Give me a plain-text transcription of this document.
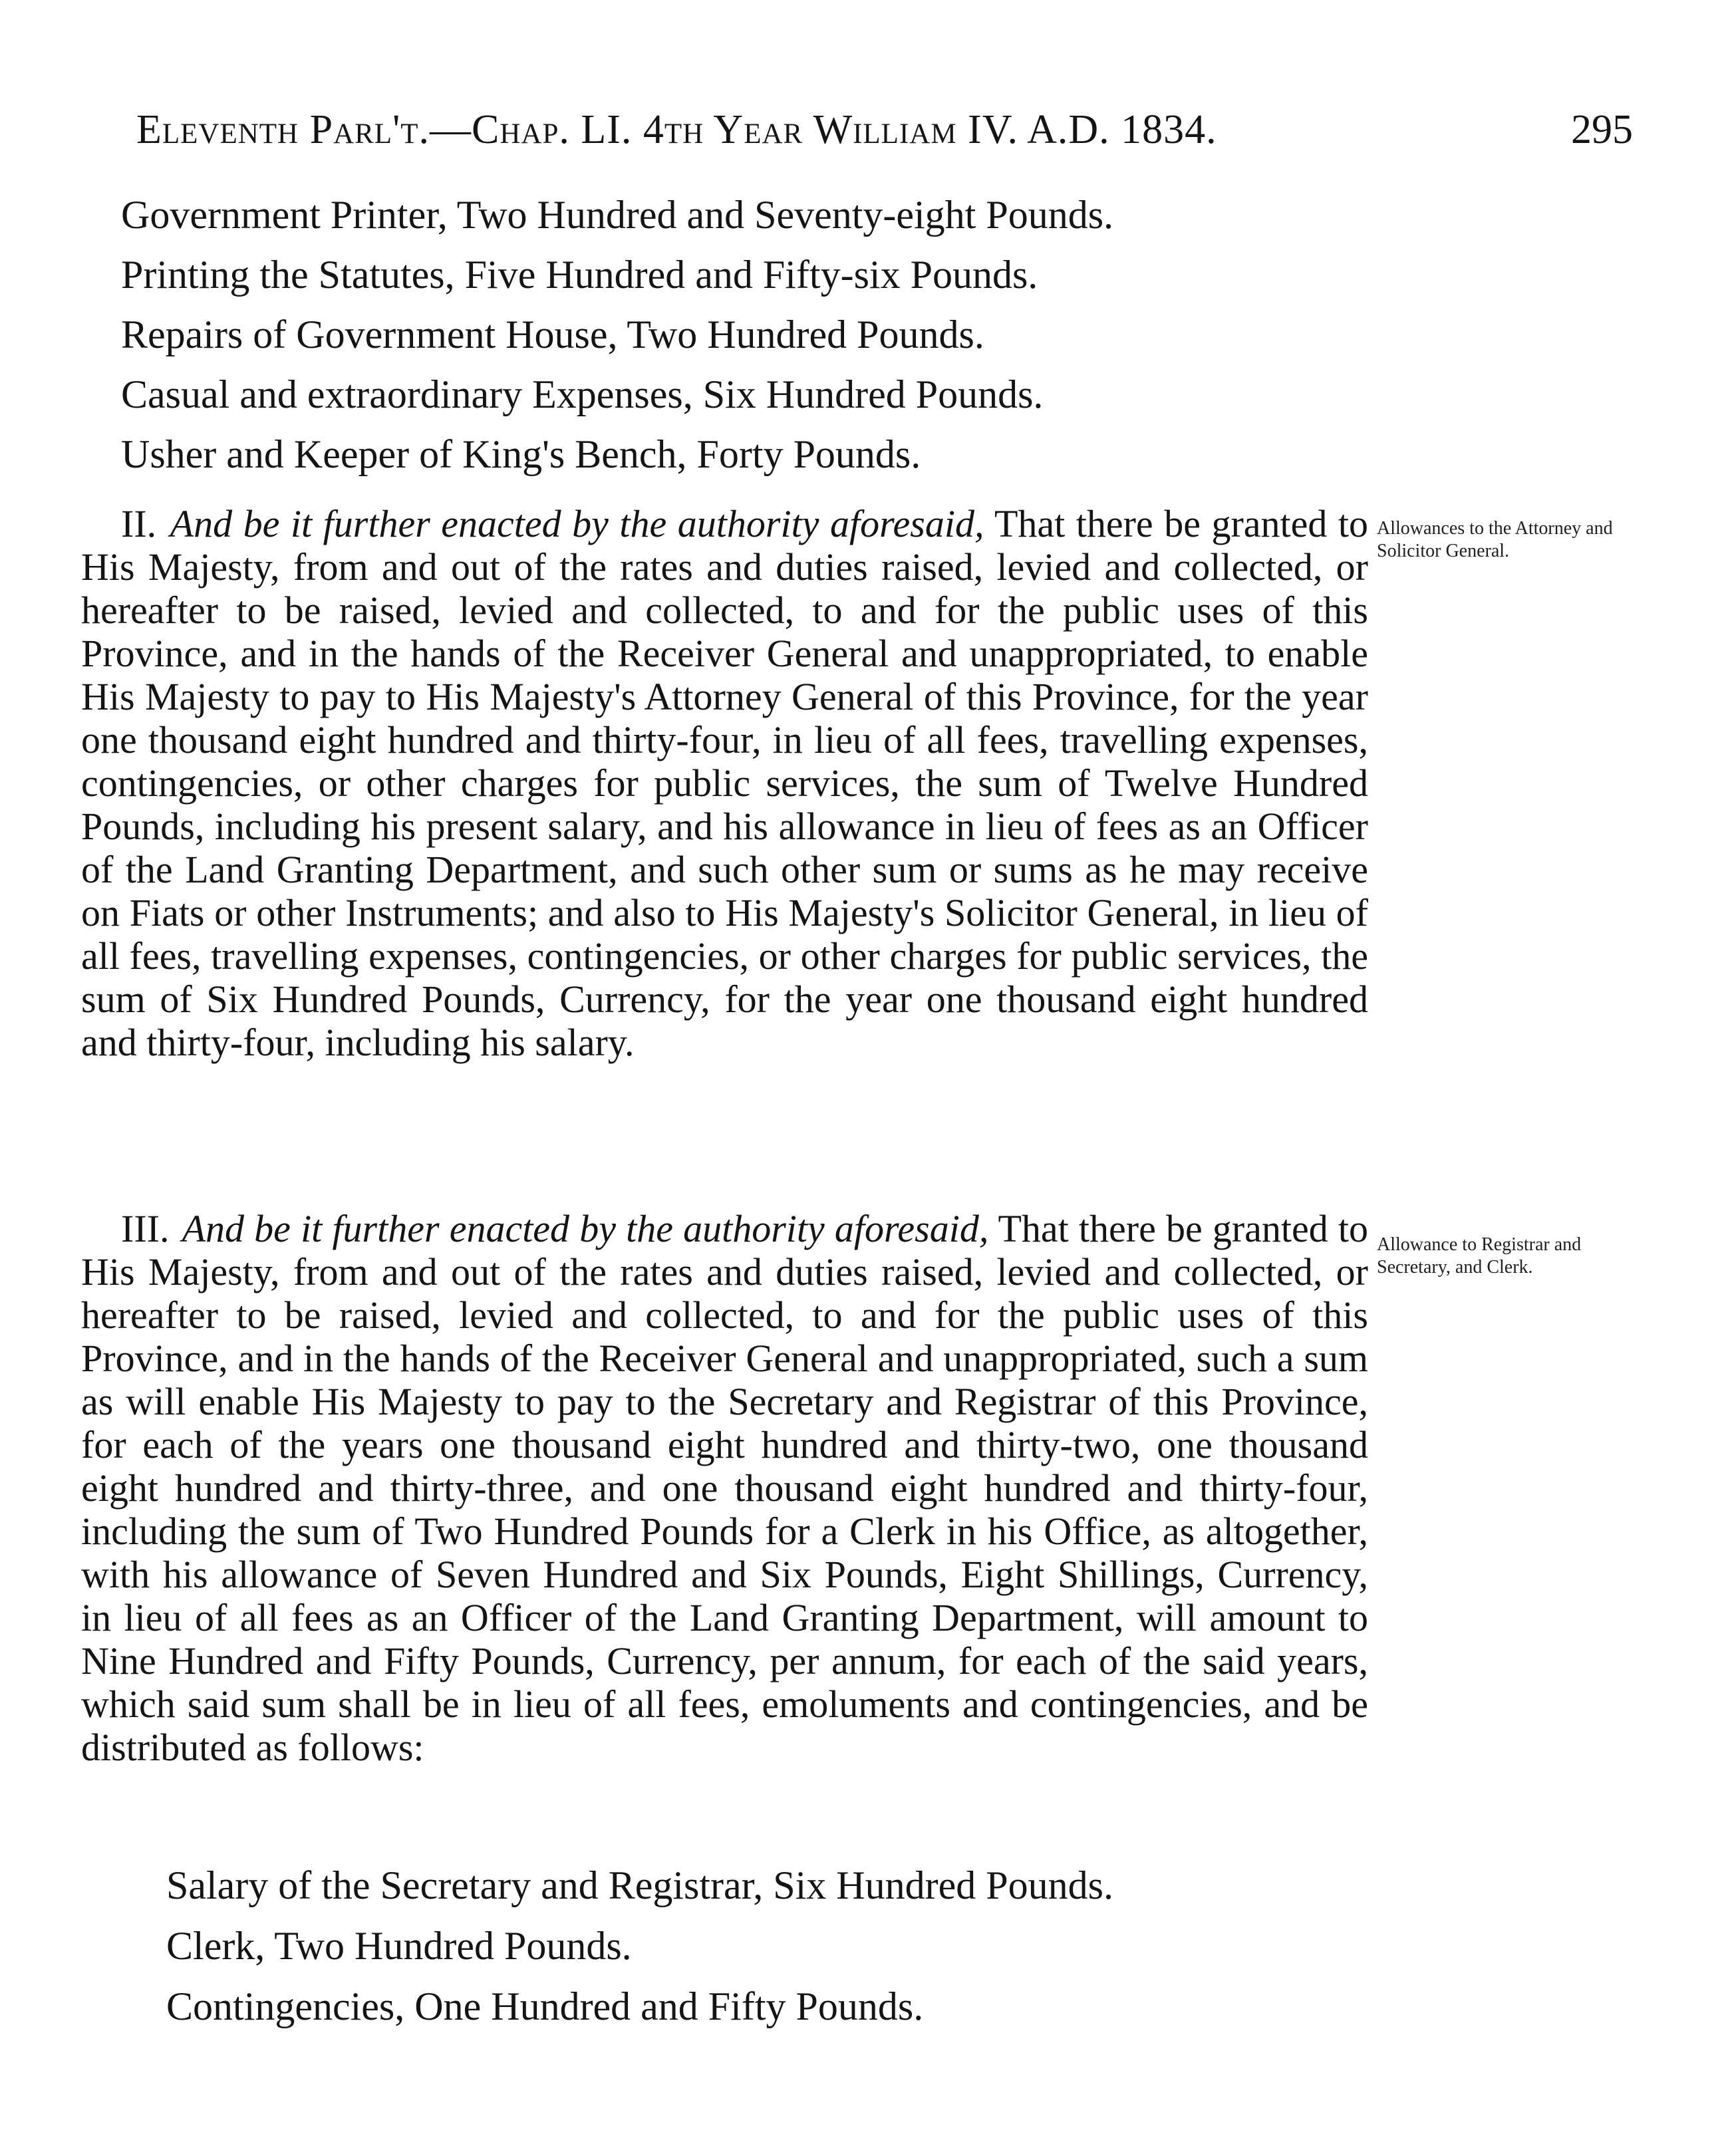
Eleventh Parl't.—Chap. LI. 4th Year William IV. A.D. 1834.	295
Government Printer, Two Hundred and Seventy-eight Pounds.
Printing the Statutes, Five Hundred and Fifty-six Pounds.
Repairs of Government House, Two Hundred Pounds.
Casual and extraordinary Expenses, Six Hundred Pounds.
Usher and Keeper of King's Bench, Forty Pounds.

II. And be it further enacted by the authority aforesaid, That there be granted to His Majesty, from and out of the rates and duties raised, levied and collected, or hereafter to be raised, levied and collected, to and for the public uses of this Province, and in the hands of the Receiver General and unappropriated, to enable His Majesty to pay to His Majesty's Attorney General of this Province, for the year one thousand eight hundred and thirty-four, in lieu of all fees, travelling expenses, contingencies, or other charges for public services, the sum of Twelve Hundred Pounds, including his present salary, and his allowance in lieu of fees as an Officer of the Land Granting Department, and such other sum or sums as he may receive on Fiats or other Instruments; and also to His Majesty's Solicitor General, in lieu of all fees, travelling expenses, contingencies, or other charges for public services, the sum of Six Hundred Pounds, Currency, for the year one thousand eight hundred and thirty-four, including his salary.

Allowances to the Attorney and Solicitor General.

III. And be it further enacted by the authority aforesaid, That there be granted to His Majesty, from and out of the rates and duties raised, levied and collected, or hereafter to be raised, levied and collected, to and for the public uses of this Province, and in the hands of the Receiver General and unappropriated, such a sum as will enable His Majesty to pay to the Secretary and Registrar of this Province, for each of the years one thousand eight hundred and thirty-two, one thousand eight hundred and thirty-three, and one thousand eight hundred and thirty-four, including the sum of Two Hundred Pounds for a Clerk in his Office, as altogether, with his allowance of Seven Hundred and Six Pounds, Eight Shillings, Currency, in lieu of all fees as an Officer of the Land Granting Department, will amount to Nine Hundred and Fifty Pounds, Currency, per annum, for each of the said years, which said sum shall be in lieu of all fees, emoluments and contingencies, and be distributed as follows:

Allowance to Registrar and Secretary, and Clerk.
Salary of the Secretary and Registrar, Six Hundred Pounds.
Clerk, Two Hundred Pounds.
Contingencies, One Hundred and Fifty Pounds.
